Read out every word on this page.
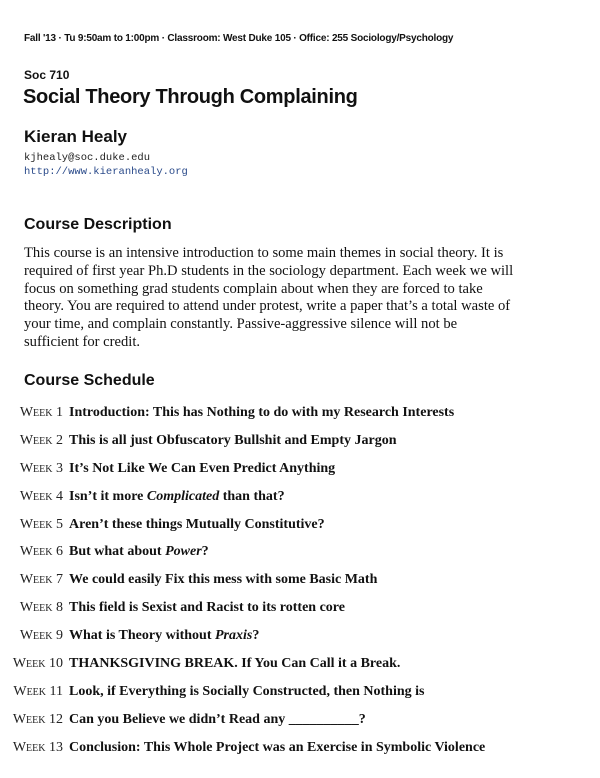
Fall '13 · Tu 9:50am to 1:00pm · Classroom: West Duke 105 · Office: 255 Sociology/Psychology
Soc 710
Social Theory Through Complaining
Kieran Healy
kjhealy@soc.duke.edu
http://www.kieranhealy.org
Course Description
This course is an intensive introduction to some main themes in social theory. It is required of first year Ph.D students in the sociology department. Each week we will focus on something grad students complain about when they are forced to take theory. You are required to attend under protest, write a paper that’s a total waste of your time, and complain constantly. Passive-aggressive silence will not be sufficient for credit.
Course Schedule
Week 1 Introduction: This has Nothing to do with my Research Interests
Week 2 This is all just Obfuscatory Bullshit and Empty Jargon
Week 3 It’s Not Like We Can Even Predict Anything
Week 4 Isn’t it more Complicated than that?
Week 5 Aren’t these things Mutually Constitutive?
Week 6 But what about Power?
Week 7 We could easily Fix this mess with some Basic Math
Week 8 This field is Sexist and Racist to its rotten core
Week 9 What is Theory without Praxis?
Week 10 THANKSGIVING BREAK. If You Can Call it a Break.
Week 11 Look, if Everything is Socially Constructed, then Nothing is
Week 12 Can you Believe we didn’t Read any __________?
Week 13 Conclusion: This Whole Project was an Exercise in Symbolic Violence
